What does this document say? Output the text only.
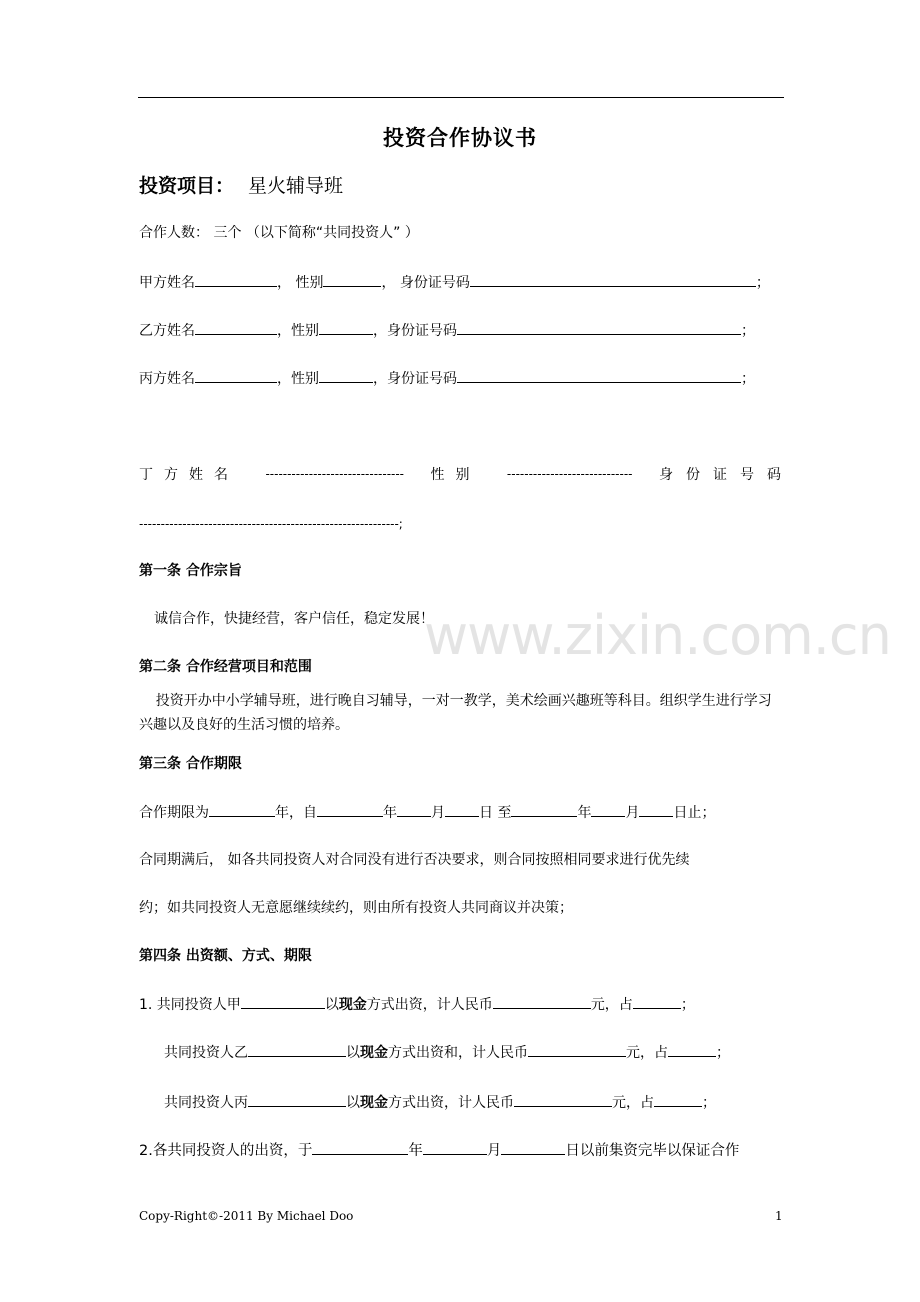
www.zixin.com.cn
投资合作协议书
投资项目： 星火辅导班
合作人数： 三个 （以下简称“共同投资人” ）
甲方姓名	， 性别	， 身份证号码	；
乙方姓名	，性别	，身份证号码	；
丙方姓名	，性别	，身份证号码	；
丁方姓名 -------------------------------- 性别 ----------------------------- 身份证号码
------------------------------------------------------------;
第一条 合作宗旨
诚信合作，快捷经营，客户信任，稳定发展！
第二条 合作经营项目和范围
投资开办中小学辅导班，进行晚自习辅导，一对一教学，美术绘画兴趣班等科目。组织学生进行学习兴趣以及良好的生活习惯的培养。
第三条 合作期限
合作期限为	年，自	年 月 日 至	年 月 日止；
合同期满后， 如各共同投资人对合同没有进行否决要求，则合同按照相同要求进行优先续
约；如共同投资人无意愿继续续约，则由所有投资人共同商议并决策；
第四条 出资额、方式、期限
1. 共同投资人甲	以现金方式出资，计人民币	元，占	；
共同投资人乙	以现金方式出资和，计人民币	元，占	；
共同投资人丙	以现金方式出资，计人民币	元，占	；
2.各共同投资人的出资，于	年	月	日以前集资完毕以保证合作
Copy-Right©-2011 By Michael Doo	1
